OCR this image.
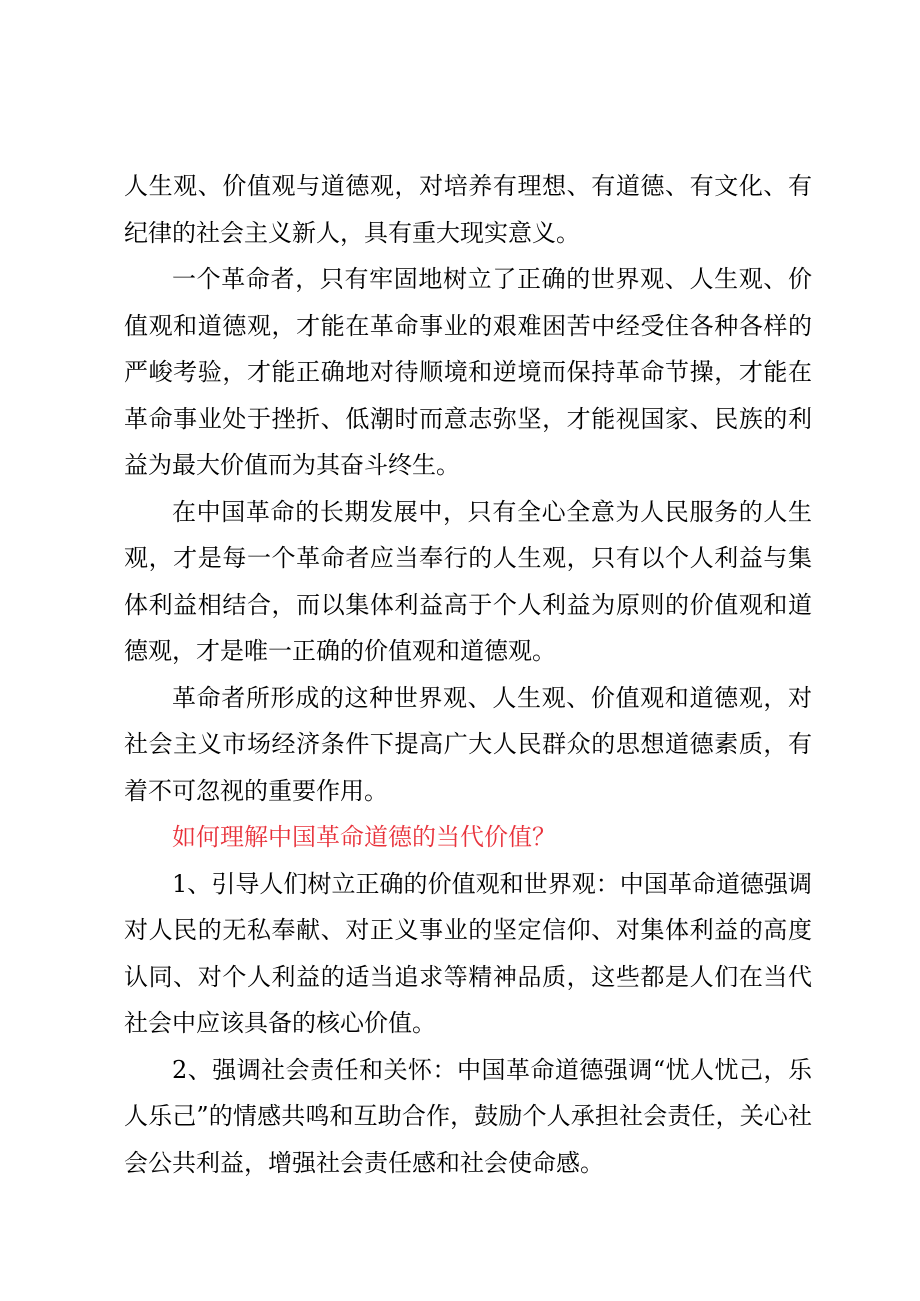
人生观、价值观与道德观，对培养有理想、有道德、有文化、有纪律的社会主义新人，具有重大现实意义。

一个革命者，只有牢固地树立了正确的世界观、人生观、价值观和道德观，才能在革命事业的艰难困苦中经受住各种各样的严峻考验，才能正确地对待顺境和逆境而保持革命节操，才能在革命事业处于挫折、低潮时而意志弥坚，才能视国家、民族的利益为最大价值而为其奋斗终生。

在中国革命的长期发展中，只有全心全意为人民服务的人生观，才是每一个革命者应当奉行的人生观，只有以个人利益与集体利益相结合，而以集体利益高于个人利益为原则的价值观和道德观，才是唯一正确的价值观和道德观。

革命者所形成的这种世界观、人生观、价值观和道德观，对社会主义市场经济条件下提高广大人民群众的思想道德素质，有着不可忽视的重要作用。

如何理解中国革命道德的当代价值？

1、引导人们树立正确的价值观和世界观：中国革命道德强调对人民的无私奉献、对正义事业的坚定信仰、对集体利益的高度认同、对个人利益的适当追求等精神品质，这些都是人们在当代社会中应该具备的核心价值。

2、强调社会责任和关怀：中国革命道德强调“忧人忧己，乐人乐己”的情感共鸣和互助合作，鼓励个人承担社会责任，关心社会公共利益，增强社会责任感和社会使命感。
